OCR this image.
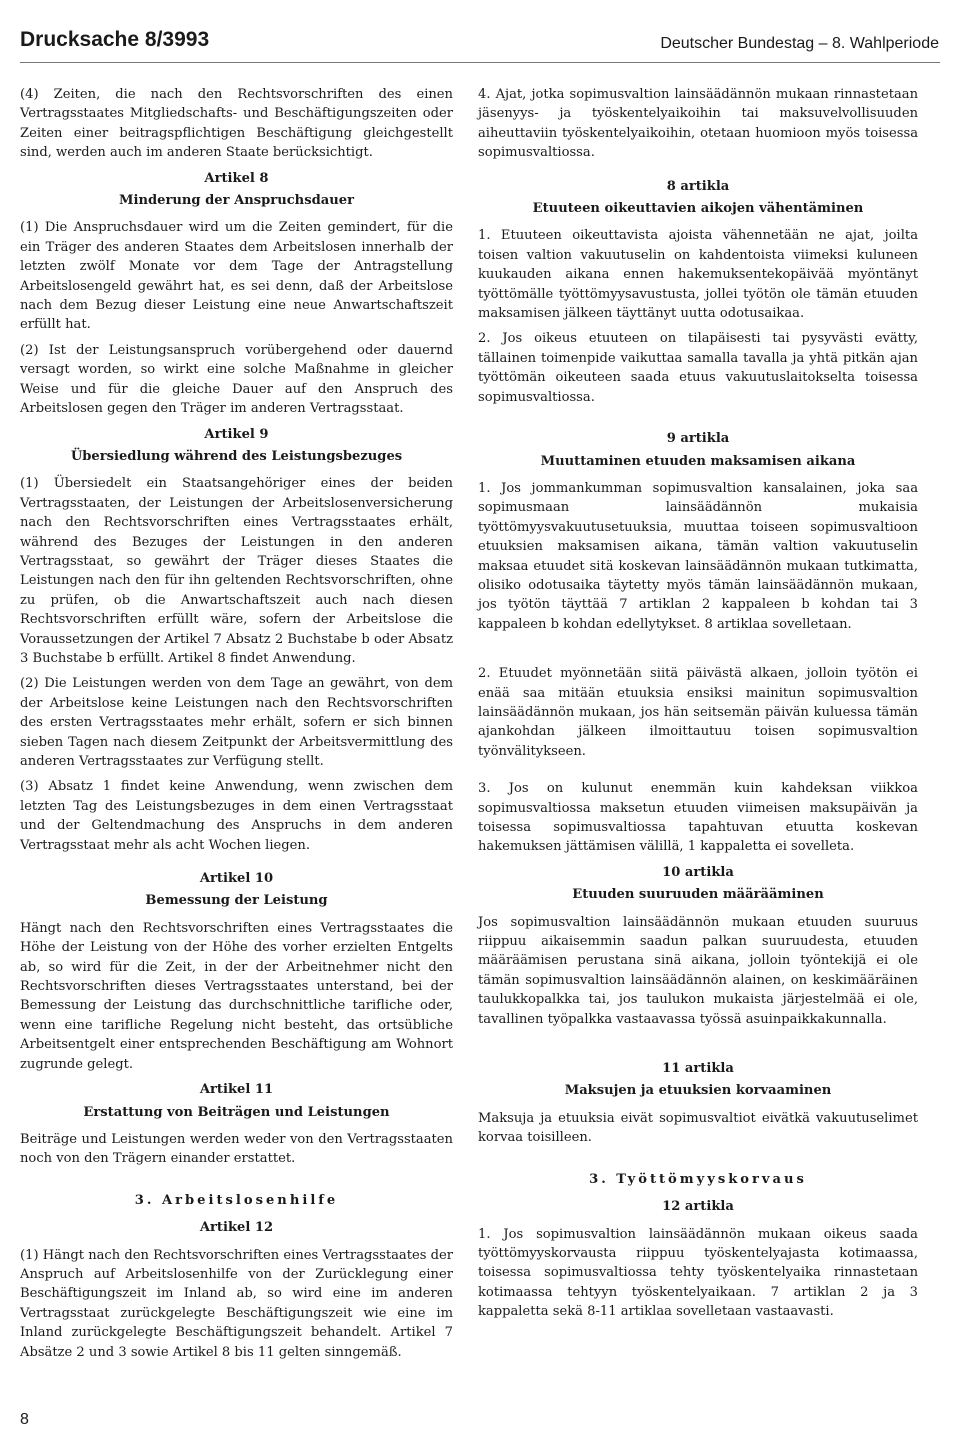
Drucksache 8/3993	Deutscher Bundestag – 8. Wahlperiode

(4) Zeiten, die nach den Rechtsvorschriften des einen Vertragsstaates Mitgliedschafts- und Beschäftigungszeiten oder Zeiten einer beitragspflichtigen Beschäftigung gleichgestellt sind, werden auch im anderen Staate berücksichtigt.

Artikel 8
Minderung der Anspruchsdauer

(1) Die Anspruchsdauer wird um die Zeiten gemindert, für die ein Träger des anderen Staates dem Arbeitslosen innerhalb der letzten zwölf Monate vor dem Tage der Antragstellung Arbeitslosengeld gewährt hat, es sei denn, daß der Arbeitslose nach dem Bezug dieser Leistung eine neue Anwartschaftszeit erfüllt hat.

(2) Ist der Leistungsanspruch vorübergehend oder dauernd versagt worden, so wirkt eine solche Maßnahme in gleicher Weise und für die gleiche Dauer auf den Anspruch des Arbeitslosen gegen den Träger im anderen Vertragsstaat.

Artikel 9
Übersiedlung während des Leistungsbezuges

(1) Übersiedelt ein Staatsangehöriger eines der beiden Vertragsstaaten, der Leistungen der Arbeitslosenversicherung nach den Rechtsvorschriften eines Vertragsstaates erhält, während des Bezuges der Leistungen in den anderen Vertragsstaat, so gewährt der Träger dieses Staates die Leistungen nach den für ihn geltenden Rechtsvorschriften, ohne zu prüfen, ob die Anwartschaftszeit auch nach diesen Rechtsvorschriften erfüllt wäre, sofern der Arbeitslose die Voraussetzungen der Artikel 7 Absatz 2 Buchstabe b oder Absatz 3 Buchstabe b erfüllt. Artikel 8 findet Anwendung.

(2) Die Leistungen werden von dem Tage an gewährt, von dem der Arbeitslose keine Leistungen nach den Rechtsvorschriften des ersten Vertragsstaates mehr erhält, sofern er sich binnen sieben Tagen nach diesem Zeitpunkt der Arbeitsvermittlung des anderen Vertragsstaates zur Verfügung stellt.

(3) Absatz 1 findet keine Anwendung, wenn zwischen dem letzten Tag des Leistungsbezuges in dem einen Vertragsstaat und der Geltendmachung des Anspruchs in dem anderen Vertragsstaat mehr als acht Wochen liegen.

Artikel 10
Bemessung der Leistung

Hängt nach den Rechtsvorschriften eines Vertragsstaates die Höhe der Leistung von der Höhe des vorher erzielten Entgelts ab, so wird für die Zeit, in der der Arbeitnehmer nicht den Rechtsvorschriften dieses Vertragsstaates unterstand, bei der Bemessung der Leistung das durchschnittliche tarifliche oder, wenn eine tarifliche Regelung nicht besteht, das ortsübliche Arbeitsentgelt einer entsprechenden Beschäftigung am Wohnort zugrunde gelegt.

Artikel 11
Erstattung von Beiträgen und Leistungen

Beiträge und Leistungen werden weder von den Vertragsstaaten noch von den Trägern einander erstattet.

3. Arbeitslosenhilfe
Artikel 12

(1) Hängt nach den Rechtsvorschriften eines Vertragsstaates der Anspruch auf Arbeitslosenhilfe von der Zurücklegung einer Beschäftigungszeit im Inland ab, so wird eine im anderen Vertragsstaat zurückgelegte Beschäftigungszeit wie eine im Inland zurückgelegte Beschäftigungszeit behandelt. Artikel 7 Absätze 2 und 3 sowie Artikel 8 bis 11 gelten sinngemäß.

4. Ajat, jotka sopimusvaltion lainsäädännön mukaan rinnastetaan jäsenyys- ja työskentelyaikoihin tai maksuvelvollisuuden aiheuttaviin työskentelyaikoihin, otetaan huomioon myös toisessa sopimusvaltiossa.

8 artikla
Etuuteen oikeuttavien aikojen vähentäminen

1. Etuuteen oikeuttavista ajoista vähennetään ne ajat, joilta toisen valtion vakuutuselin on kahdentoista viimeksi kuluneen kuukauden aikana ennen hakemuksentekopäivää myöntänyt työttömälle työttömyysavustusta, jollei työtön ole tämän etuuden maksamisen jälkeen täyttänyt uutta odotusaikaa.

2. Jos oikeus etuuteen on tilapäisesti tai pysyvästi evätty, tällainen toimenpide vaikuttaa samalla tavalla ja yhtä pitkän ajan työttömän oikeuteen saada etuus vakuutuslaitokselta toisessa sopimusvaltiossa.

9 artikla
Muuttaminen etuuden maksamisen aikana

1. Jos jommankumman sopimusvaltion kansalainen, joka saa sopimusmaan lainsäädännön mukaisia työttömyysvakuutusetuuksia, muuttaa toiseen sopimusvaltioon etuuksien maksamisen aikana, tämän valtion vakuutuselin maksaa etuudet sitä koskevan lainsäädännön mukaan tutkimatta, olisiko odotusaika täytetty myös tämän lainsäädännön mukaan, jos työtön täyttää 7 artiklan 2 kappaleen b kohdan tai 3 kappaleen b kohdan edellytykset. 8 artiklaa sovelletaan.

2. Etuudet myönnetään siitä päivästä alkaen, jolloin työtön ei enää saa mitään etuuksia ensiksi mainitun sopimusvaltion lainsäädännön mukaan, jos hän seitsemän päivän kuluessa tämän ajankohdan jälkeen ilmoittautuu toisen sopimusvaltion työnvälitykseen.

3. Jos on kulunut enemmän kuin kahdeksan viikkoa sopimusvaltiossa maksetun etuuden viimeisen maksupäivän ja toisessa sopimusvaltiossa tapahtuvan etuutta koskevan hakemuksen jättämisen välillä, 1 kappaletta ei sovelleta.

10 artikla
Etuuden suuruuden määrääminen

Jos sopimusvaltion lainsäädännön mukaan etuuden suuruus riippuu aikaisemmin saadun palkan suuruudesta, etuuden määräämisen perustana sinä aikana, jolloin työntekijä ei ole tämän sopimusvaltion lainsäädännön alainen, on keskimääräinen taulukkopalkka tai, jos taulukon mukaista järjestelmää ei ole, tavallinen työpalkka vastaavassa työssä asuinpaikkakunnalla.

11 artikla
Maksujen ja etuuksien korvaaminen

Maksuja ja etuuksia eivät sopimusvaltiot eivätkä vakuutuselimet korvaa toisilleen.

3. Työttömyyskorvaus
12 artikla

1. Jos sopimusvaltion lainsäädännön mukaan oikeus saada työttömyyskorvausta riippuu työskentelyajasta kotimaassa, toisessa sopimusvaltiossa tehty työskentelyaika rinnastetaan kotimaassa tehtyyn työskentelyaikaan. 7 artiklan 2 ja 3 kappaletta sekä 8-11 artiklaa sovelletaan vastaavasti.

8
